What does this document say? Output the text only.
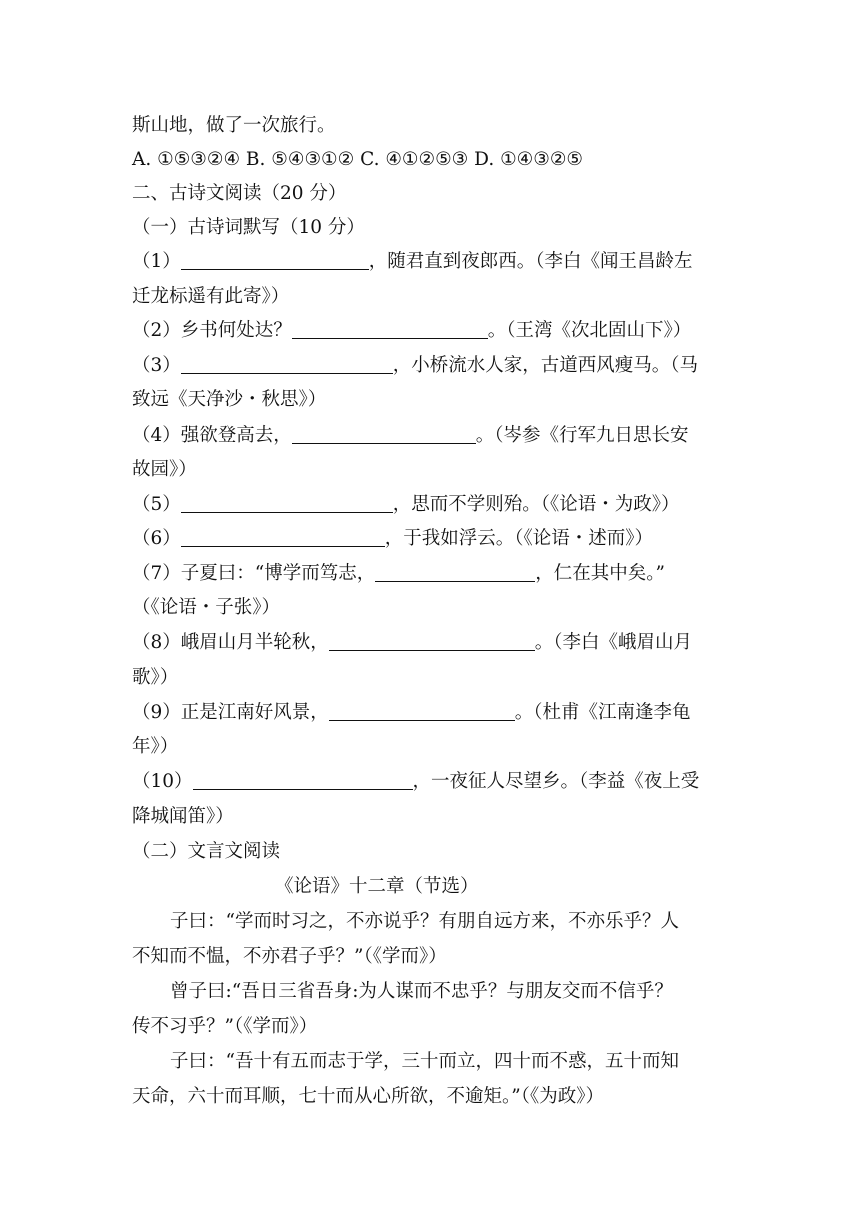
斯山地，做了一次旅行。
A. ①⑤③②④ B. ⑤④③①② C. ④①②⑤③ D. ①④③②⑤
二、古诗文阅读（20 分）
（一）古诗词默写（10 分）
（1）	，随君直到夜郎西。（李白《闻王昌龄左
迁龙标遥有此寄》）
（2）乡书何处达？	。（王湾《次北固山下》）
（3）	，小桥流水人家，古道西风瘦马。（马
致远《天净沙・秋思》）
（4）强欲登高去，	。（岑参《行军九日思长安
故园》）
（5）	，思而不学则殆。（《论语・为政》）
（6）	，于我如浮云。（《论语・述而》）
（7）子夏曰：“博学而笃志，	，仁在其中矣。”
（《论语・子张》）
（8）峨眉山月半轮秋，	。（李白《峨眉山月
歌》）
（9）正是江南好风景，	。（杜甫《江南逢李龟
年》）
（10）	，一夜征人尽望乡。（李益《夜上受
降城闻笛》）
（二）文言文阅读
《论语》十二章（节选）
子曰：“学而时习之，不亦说乎？有朋自远方来，不亦乐乎？人
不知而不愠，不亦君子乎？”（《学而》）
曾子曰:“吾日三省吾身:为人谋而不忠乎？与朋友交而不信乎？
传不习乎？”（《学而》）
子曰：“吾十有五而志于学，三十而立，四十而不惑，五十而知
天命，六十而耳顺，七十而从心所欲，不逾矩。”（《为政》）
